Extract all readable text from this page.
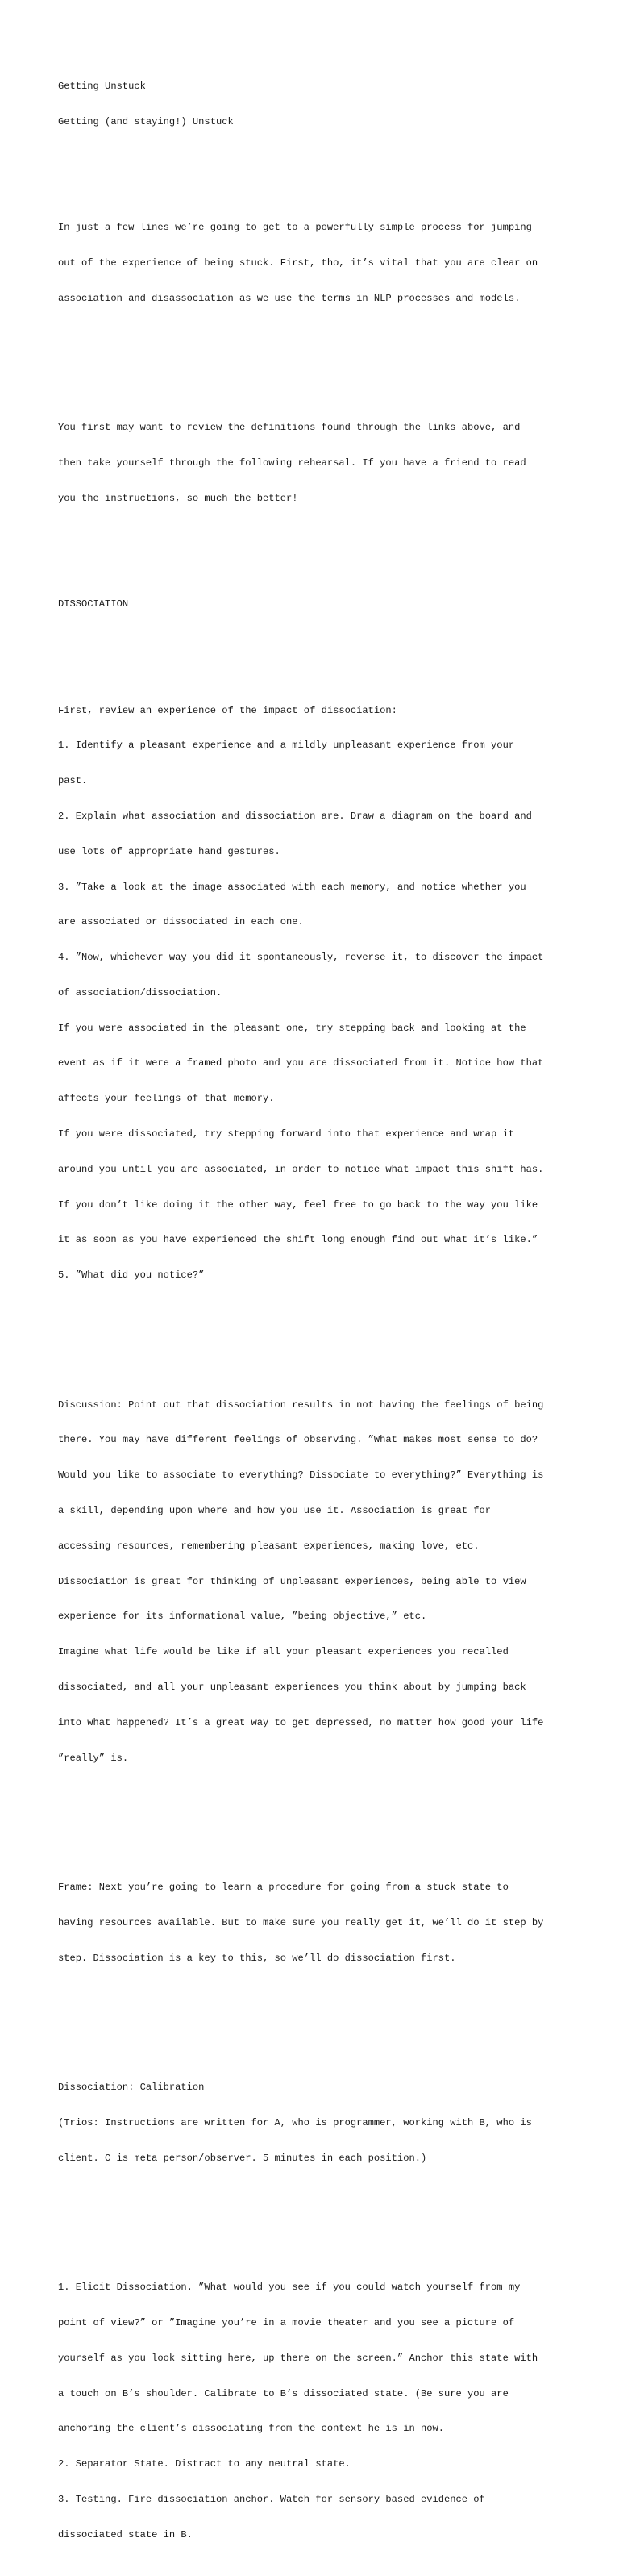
Getting Unstuck

Getting (and staying!) Unstuck

In just a few lines we’re going to get to a powerfully simple process for jumping

out of the experience of being stuck. First, tho, it’s vital that you are clear on

association and disassociation as we use the terms in NLP processes and models.

You first may want to review the definitions found through the links above, and

then take yourself through the following rehearsal. If you have a friend to read

you the instructions, so much the better!

DISSOCIATION

First, review an experience of the impact of dissociation:

1. Identify a pleasant experience and a mildly unpleasant experience from your

past.

2. Explain what association and dissociation are. Draw a diagram on the board and

use lots of appropriate hand gestures.

3. ”Take a look at the image associated with each memory, and notice whether you

are associated or dissociated in each one.

4. ”Now, whichever way you did it spontaneously, reverse it, to discover the impact

of association/dissociation.

If you were associated in the pleasant one, try stepping back and looking at the

event as if it were a framed photo and you are dissociated from it. Notice how that

affects your feelings of that memory.

If you were dissociated, try stepping forward into that experience and wrap it

around you until you are associated, in order to notice what impact this shift has.

If you don’t like doing it the other way, feel free to go back to the way you like

it as soon as you have experienced the shift long enough find out what it’s like.”

5. ”What did you notice?”

Discussion: Point out that dissociation results in not having the feelings of being

there. You may have different feelings of observing. ”What makes most sense to do?

Would you like to associate to everything? Dissociate to everything?” Everything is

a skill, depending upon where and how you use it. Association is great for

accessing resources, remembering pleasant experiences, making love, etc.

Dissociation is great for thinking of unpleasant experiences, being able to view

experience for its informational value, ”being objective,” etc.

Imagine what life would be like if all your pleasant experiences you recalled

dissociated, and all your unpleasant experiences you think about by jumping back

into what happened? It’s a great way to get depressed, no matter how good your life

”really” is.

Frame: Next you’re going to learn a procedure for going from a stuck state to

having resources available. But to make sure you really get it, we’ll do it step by

step. Dissociation is a key to this, so we’ll do dissociation first.

Dissociation: Calibration

(Trios: Instructions are written for A, who is programmer, working with B, who is

client. C is meta person/observer. 5 minutes in each position.)

1. Elicit Dissociation. ”What would you see if you could watch yourself from my

point of view?” or ”Imagine you’re in a movie theater and you see a picture of

yourself as you look sitting here, up there on the screen.” Anchor this state with

a touch on B’s shoulder. Calibrate to B’s dissociated state. (Be sure you are

anchoring the client’s dissociating from the context he is in now.

2. Separator State. Distract to any neutral state.

3. Testing. Fire dissociation anchor. Watch for sensory based evidence of

dissociated state in B.
